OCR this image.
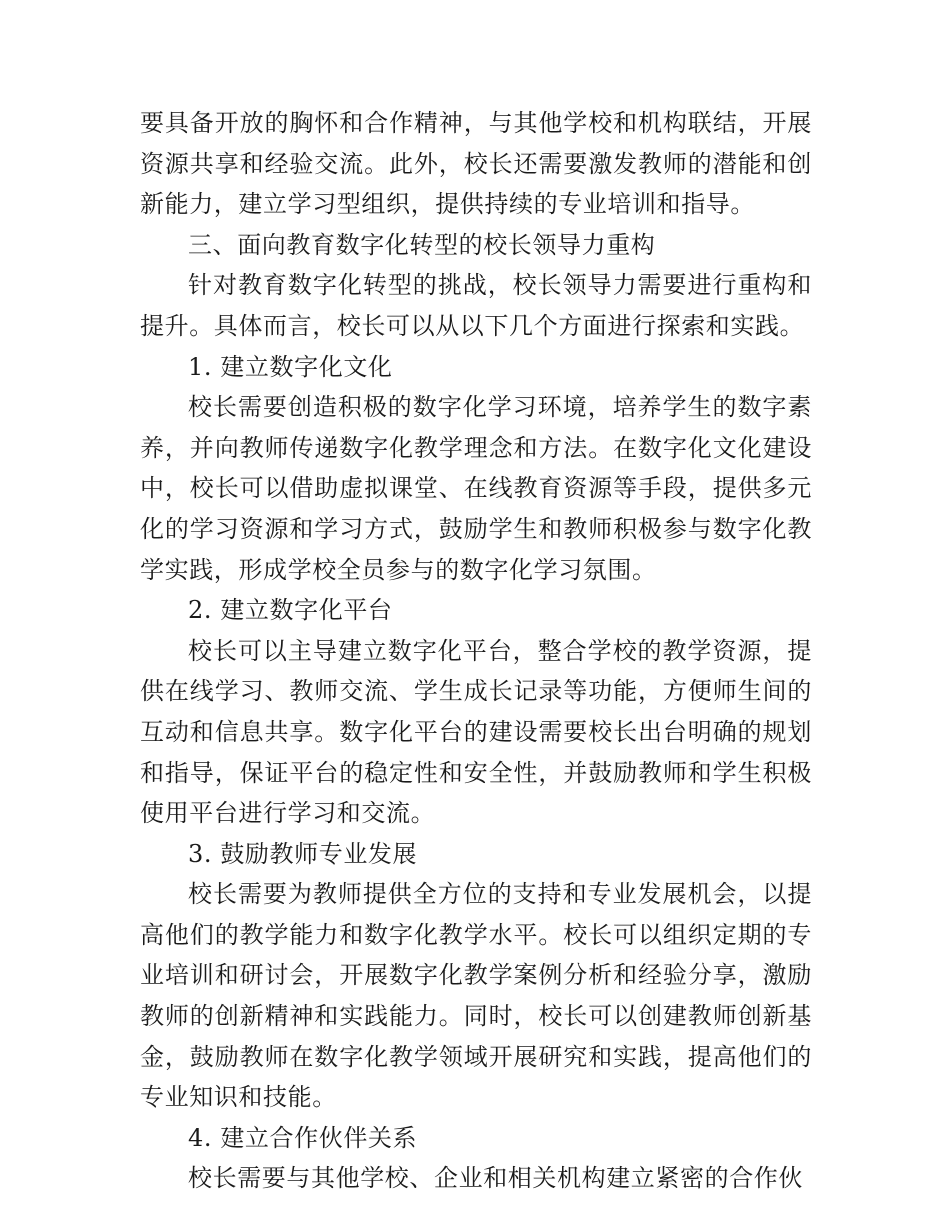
要具备开放的胸怀和合作精神，与其他学校和机构联结，开展资源共享和经验交流。此外，校长还需要激发教师的潜能和创新能力，建立学习型组织，提供持续的专业培训和指导。

三、面向教育数字化转型的校长领导力重构

针对教育数字化转型的挑战，校长领导力需要进行重构和提升。具体而言，校长可以从以下几个方面进行探索和实践。

1. 建立数字化文化

校长需要创造积极的数字化学习环境，培养学生的数字素养，并向教师传递数字化教学理念和方法。在数字化文化建设中，校长可以借助虚拟课堂、在线教育资源等手段，提供多元化的学习资源和学习方式，鼓励学生和教师积极参与数字化教学实践，形成学校全员参与的数字化学习氛围。

2. 建立数字化平台

校长可以主导建立数字化平台，整合学校的教学资源，提供在线学习、教师交流、学生成长记录等功能，方便师生间的互动和信息共享。数字化平台的建设需要校长出台明确的规划和指导，保证平台的稳定性和安全性，并鼓励教师和学生积极使用平台进行学习和交流。

3. 鼓励教师专业发展

校长需要为教师提供全方位的支持和专业发展机会，以提高他们的教学能力和数字化教学水平。校长可以组织定期的专业培训和研讨会，开展数字化教学案例分析和经验分享，激励教师的创新精神和实践能力。同时，校长可以创建教师创新基金，鼓励教师在数字化教学领域开展研究和实践，提高他们的专业知识和技能。

4. 建立合作伙伴关系

校长需要与其他学校、企业和相关机构建立紧密的合作伙
